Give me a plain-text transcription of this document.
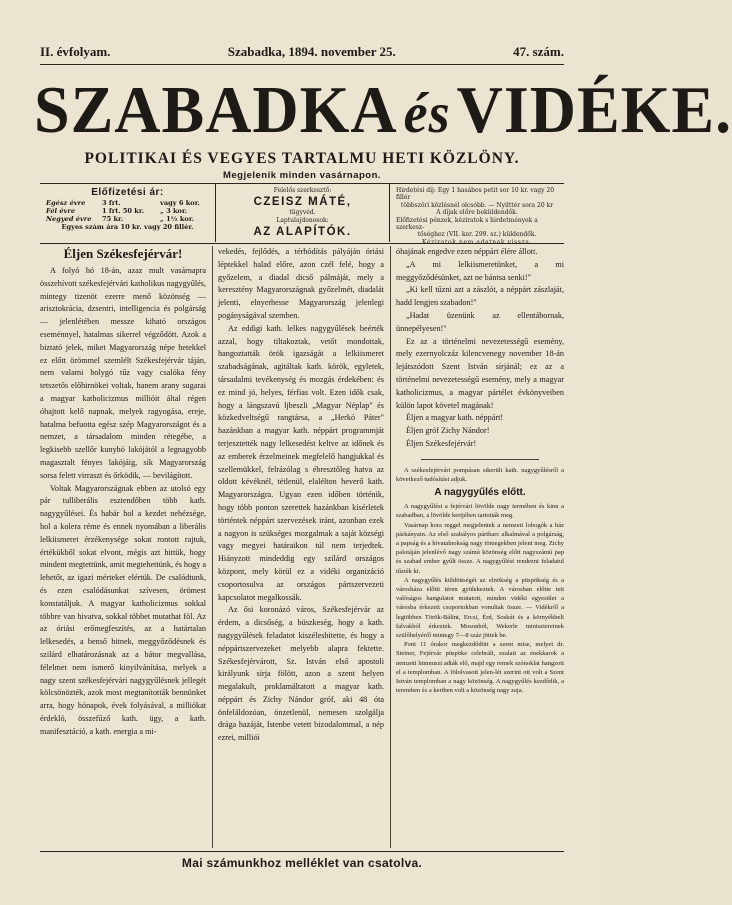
II. évfolyam.	Szabadka, 1894. november 25.	47. szám.
SZABADKA ésVIDÉKE.
POLITIKAI ÉS VEGYES TARTALMU HETI KÖZLÖNY.
Megjelenik minden vasárnapon.
Előfizetési ár:
Egész évre	3 frt.	vagy 6 kor.
Fél évre	1 frt. 50 kr.	„ 3 kor.
Negyed évre	75 kr.	„ 1½ kor.
Egyes szám ára 10 kr. vagy 20 fillér.
Felelős szerkesztő:
CZEISZ MÁTÉ,
tügyvéd.
Laptulajdonosok:
AZ ALAPÍTÓK.
Hirdetési díj: Egy 1 hasábos petit sor 10 kr. vagy 20 fillér
többszöri közlésnél olcsóbb. — Nyilttér sora 20 kr
A díjak előre beküldendők.
Előfizetési pénzek, kéziratok s hirdetmények a szerkesz-
tőséghez (VII. ker. 299. sz.) küldendők.
Kéziratok nem adatnak vissza.

Éljen Székesfejérvár!

A folyó hó 18-án, azaz mult vasárnapra összehívott székesfejérvári katholikus nagygyűlés, mintegy tizenöt ezerre menő közönség — arisztokrácia, dzsentri, intelligencia és polgárság — jelenlétében messze kiható országos eseménnyel, hatalmas sikerrel végződött. Azok a biztató jelek, miket Magyarország népe hetekkel ez előtt örömmel szemlélt Székesfejérvár táján, nem valami bolygó tűz vagy csalóka fény tetszetős előhirnökei voltak, hanem arany sugarai a magyar katholicizmus millióit által régen óhajtott kelő napnak, melyek ragyogása, ereje, hatalma befuotta egész szép Magyarországot és a nemzet, a társadalom minden rétegébe, a legkisebb szellőr kunyhó lakójától a legnagyobb magasztalt fényes lakójáig, sík Magyarország sorsa felett virraszt és őrködik, — bevilágított.

Voltak Magyarországnak ebben az utolsó egy pár tulliberális esztendőben több kath. nagygyűlései. És habár hol a kezdet nehézsége, hol a kolera réme és ennek nyomában a liberális lelkiismeret érzékenysége sokat rontott rajtuk, értékükből sokat elvont, mégis azt hittük, hogy mindent megtettünk, amit megtehettünk, és hogy a lehetőt, az igazi mérteket elértük. De csalódtunk, és ezen csalódásunkat szívesen, örömest konstatáljuk. A magyar katholicizmus sokkal többre van hivatva, sokkal többet mutathat föl. Az az óriási erőmegfeszítés, az a határtalan lelkesedés, a benső hitnek, meggyőződésnek és szilárd elhatározásnak az a bátor megvallása, félelmet nem ismerő kinyilvánítása, melyek a nagy szent székesfejérvári nagygyűlésnek jellegét kölcsönözték, azok most megtanították bennünket arra, hogy hónapok, évek folyásával, a milliókat érdekló, összefűző kath. ügy, a kath. manifesztáció, a kath. energia a mi-

vekedés, fejlődés, a térhódítás pályáján óriási léptekkel halad előre, azon czél felé, hogy a győzelem, a diadal dicső pálmáját, mely a keresztény Magyarországnak győzelmét, diadalát jelenti, elnyerhesse Magyarország jelenlegi pogányságával szemben.

Az eddigi kath. lelkes nagygyűlések beérték azzal, hogy tiltakoztak, vetőt mondottak, hangoztatták örök igazságát a lelkiismeret szabadságának, agitáltak kath. körök, egyletek, társadalmi tevékenység és mozgás érdekében: és ez mind jó, helyes, férfias volt. Ezen idők csak, hogy a lángszavú ljbeszli „Magyar Néplap" és közkedveltségű rangtársa, a „Herkó Páter" hazánkban a magyar kath. néppárt programmját terjesztették nagy lelkesedést keltve az időnek és az emberek érzelmeinek megfelelő hangjukkal és szellemükkel, felrázólag s ébresztőleg hatva az oldott kévéknél, tétlenül, elalélton heverő kath. Magyarországra. Ugyan ezen időben történik, hogy több ponton szerettek hazánkban kísérletek történtek néppárt szervezések iránt, azonban ezek a nagyon is szükséges mozgalmak a saját községi vagy megyei határaikon túl nem terjedtek. Hiányzott mindeddig egy szilárd országos központ, mely körül ez a vidéki organizáció csoportosulva az országos pártszervezeti kapcsolatot megalkossák.

Az ősi koronázó város, Székesfejérvár az érdem, a dicsőség, a büszkeség, hogy a kath. nagygyűlések feladatot kiszélesbitette, és hogy a néppártszervezeket melyebb alapra fektette. Székesfejérvárott, Sz. István első apostoli királyunk sírja fölött, azon a szent helyen megalakult, proklamáltatott a magyar kath. néppárt és Zichy Nándor gróf, aki 48 óta önfeláldozóan, önzetlenül, nemesen szolgálja drága hazáját, Istenbe vetett bizodalommal, a nép ezrei, milliói

óhajának engedve ezen néppárt élére állott.

„A mi lelkiismeretünket, a mi meggyőződésünket, azt ne bántsa senki!"

„Ki kell tűzni azt a zászlót, a néppárt zászlaját, hadd lengjen szabadon!"

„Hadat üzenünk az ellentábornak, ünnepélyesen!"

Ez az a történelmi nevezetességű esemény, mely ezernyolczáz kilencvenegy november 18-án lejátszódott Szent István sírjánál; ez az a történelmi nevezetességű esemény, mely a magyar katholicizmus, a magyar pártélet évkönyveiben külön lapot követel magának!

Éljen a magyar kath. néppárt!

Éljen gróf Zichy Nándor!

Éljen Székesfejérvár!

A székesfejérvári pompásan sikerült kath. nagygyűlésről a következő tudósítást adjuk.

A nagygyűlés előtt.

A nagygyűlést a fejérvári lövölde nagy termében és kinn a szabadban, a lövölde kertjében tartották meg.

Vasárnap kora reggel megjelentek a nemzeti lobogók a ház párkányain. Az első szabályos pártharc alkalmával a polgárság, a papság és a hivatalnokság nagy tömegekben jelent meg. Zichy palotáján jelenlévő nagy számú közönség előtt nagyszámú pap és szabad ember gyűlt össze. A nagygyűlést rendezni feladatul tűzték ki.

A nagygyűlés küldöttségét az elnökség a püspökség és a városháza előtti téren gyülekeztek. A városban előtte tett valóságos hangulatot mutatott, minden vidéki egyesület a városba érkezett csoportokban vonultak össze. — Vidékről a legtöbben Török-Bálint, Ercsi, Érd, Soskút és a környékbeli falvakból érkeztek. Mosonból, Wekerle minisztereinek szülőhelyéről mintegy 7—8 száz jöttek be.

Pont 11 órakor megkezdődött a szent mise, melyet dr. Steiner, Fejérvár püspöke celebrált, ezalatt az énekkarok a nemzeti himnuszt adták elő, majd egy remek szónoklat hangzott el a templomban. A fölolvasott jelen-lét szerint ott volt a Szent István templomban a nagy közönség. A nagygyűlés kezdődik, a teremben és a kertben volt a közönség nagy zaja.

Mai számunkhoz melléklet van csatolva.
